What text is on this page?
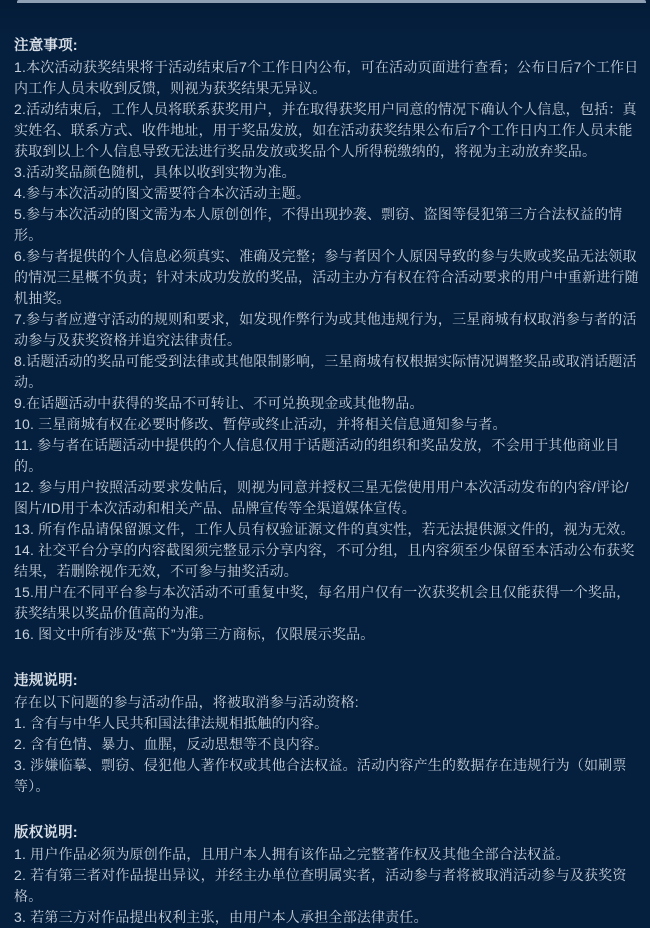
注意事项:

1.本次活动获奖结果将于活动结束后7个工作日内公布，可在活动页面进行查看；公布日后7个工作日内工作人员未收到反馈，则视为获奖结果无异议。

2.活动结束后，工作人员将联系获奖用户，并在取得获奖用户同意的情况下确认个人信息，包括：真实姓名、联系方式、收件地址，用于奖品发放，如在活动获奖结果公布后7个工作日内工作人员未能获取到以上个人信息导致无法进行奖品发放或奖品个人所得税缴纳的，将视为主动放弃奖品。

3.活动奖品颜色随机，具体以收到实物为准。

4.参与本次活动的图文需要符合本次活动主题。

5.参与本次活动的图文需为本人原创创作，不得出现抄袭、剽窃、盗图等侵犯第三方合法权益的情形。

6.参与者提供的个人信息必须真实、准确及完整；参与者因个人原因导致的参与失败或奖品无法领取的情况三星概不负责；针对未成功发放的奖品，活动主办方有权在符合活动要求的用户中重新进行随机抽奖。

7.参与者应遵守活动的规则和要求，如发现作弊行为或其他违规行为，三星商城有权取消参与者的活动参与及获奖资格并追究法律责任。

8.话题活动的奖品可能受到法律或其他限制影响，三星商城有权根据实际情况调整奖品或取消话题活动。

9.在话题活动中获得的奖品不可转让、不可兑换现金或其他物品。

10. 三星商城有权在必要时修改、暂停或终止活动，并将相关信息通知参与者。

11. 参与者在话题活动中提供的个人信息仅用于话题活动的组织和奖品发放，不会用于其他商业目的。

12. 参与用户按照活动要求发帖后，则视为同意并授权三星无偿使用用户本次活动发布的内容/评论/图片/ID用于本次活动和相关产品、品牌宣传等全渠道媒体宣传。

13. 所有作品请保留源文件，工作人员有权验证源文件的真实性，若无法提供源文件的，视为无效。

14. 社交平台分享的内容截图须完整显示分享内容，不可分组，且内容须至少保留至本活动公布获奖结果，若删除视作无效，不可参与抽奖活动。

15.用户在不同平台参与本次活动不可重复中奖，每名用户仅有一次获奖机会且仅能获得一个奖品，获奖结果以奖品价值高的为准。

16. 图文中所有涉及“蕉下”为第三方商标，仅限展示奖品。

违规说明:

存在以下问题的参与活动作品，将被取消参与活动资格:

1. 含有与中华人民共和国法律法规相抵触的内容。

2. 含有色情、暴力、血腥，反动思想等不良内容。

3. 涉嫌临摹、剽窃、侵犯他人著作权或其他合法权益。活动内容产生的数据存在违规行为（如刷票等）。

版权说明:

1. 用户作品必须为原创作品，且用户本人拥有该作品之完整著作权及其他全部合法权益。

2. 若有第三者对作品提出异议，并经主办单位查明属实者，活动参与者将被取消活动参与及获奖资格。

3. 若第三方对作品提出权利主张，由用户本人承担全部法律责任。
